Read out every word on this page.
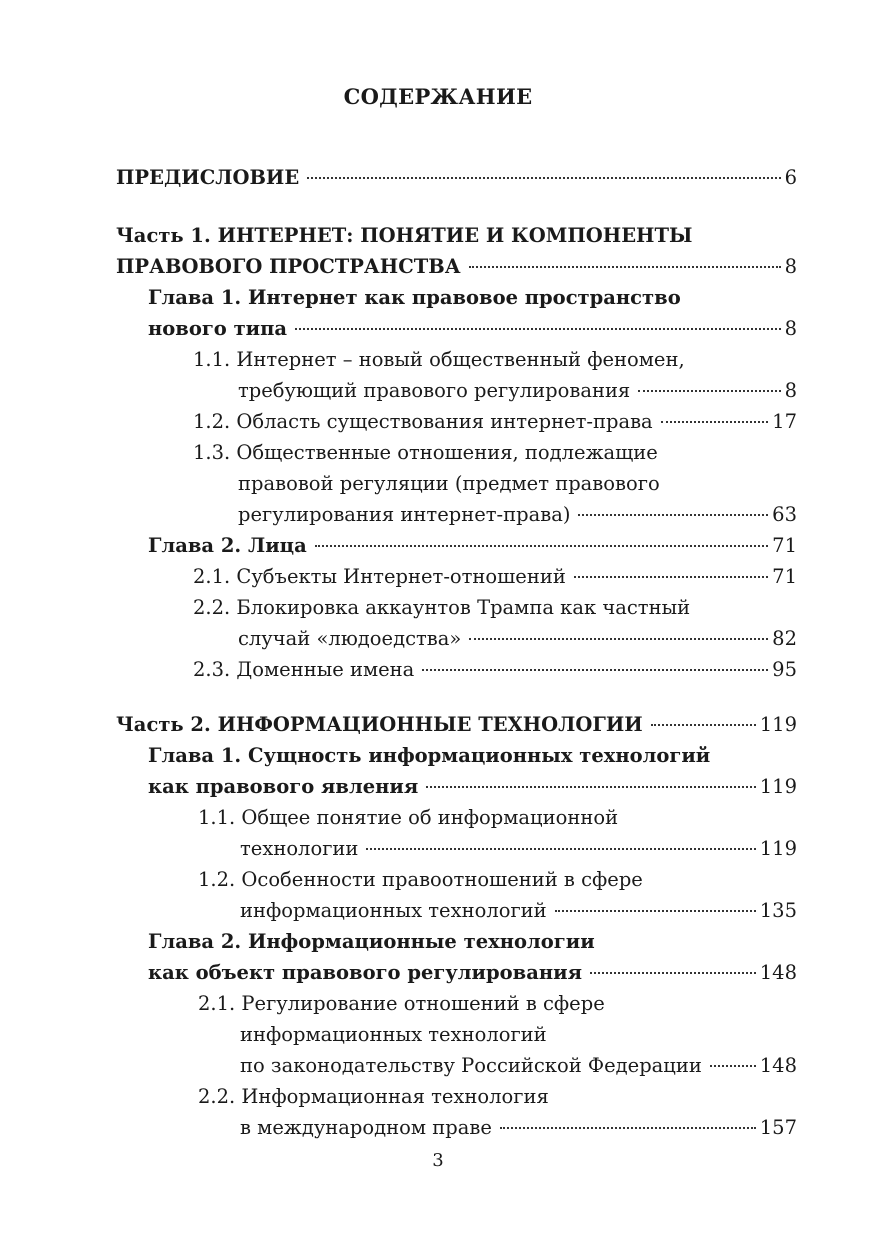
СОДЕРЖАНИЕ
ПРЕДИСЛОВИЕ	6
Часть 1. ИНТЕРНЕТ: ПОНЯТИЕ И КОМПОНЕНТЫ
ПРАВОВОГО ПРОСТРАНСТВА	8
Глава 1. Интернет как правовое пространство
нового типа	8
1.1. Интернет – новый общественный феномен,
требующий правового регулирования	8
1.2. Область существования интернет-права	17
1.3. Общественные отношения, подлежащие
правовой регуляции (предмет правового
регулирования интернет-права)	63
Глава 2. Лица	71
2.1. Субъекты Интернет-отношений	71
2.2. Блокировка аккаунтов Трампа как частный
случай «людоедства»	82
2.3. Доменные имена	95
Часть 2. ИНФОРМАЦИОННЫЕ ТЕХНОЛОГИИ	119
Глава 1. Сущность информационных технологий
как правового явления	119
1.1. Общее понятие об информационной
технологии	119
1.2. Особенности правоотношений в сфере
информационных технологий	135
Глава 2. Информационные технологии
как объект правового регулирования	148
2.1. Регулирование отношений в сфере
информационных технологий
по законодательству Российской Федерации	148
2.2. Информационная технология
в международном праве	157
3
